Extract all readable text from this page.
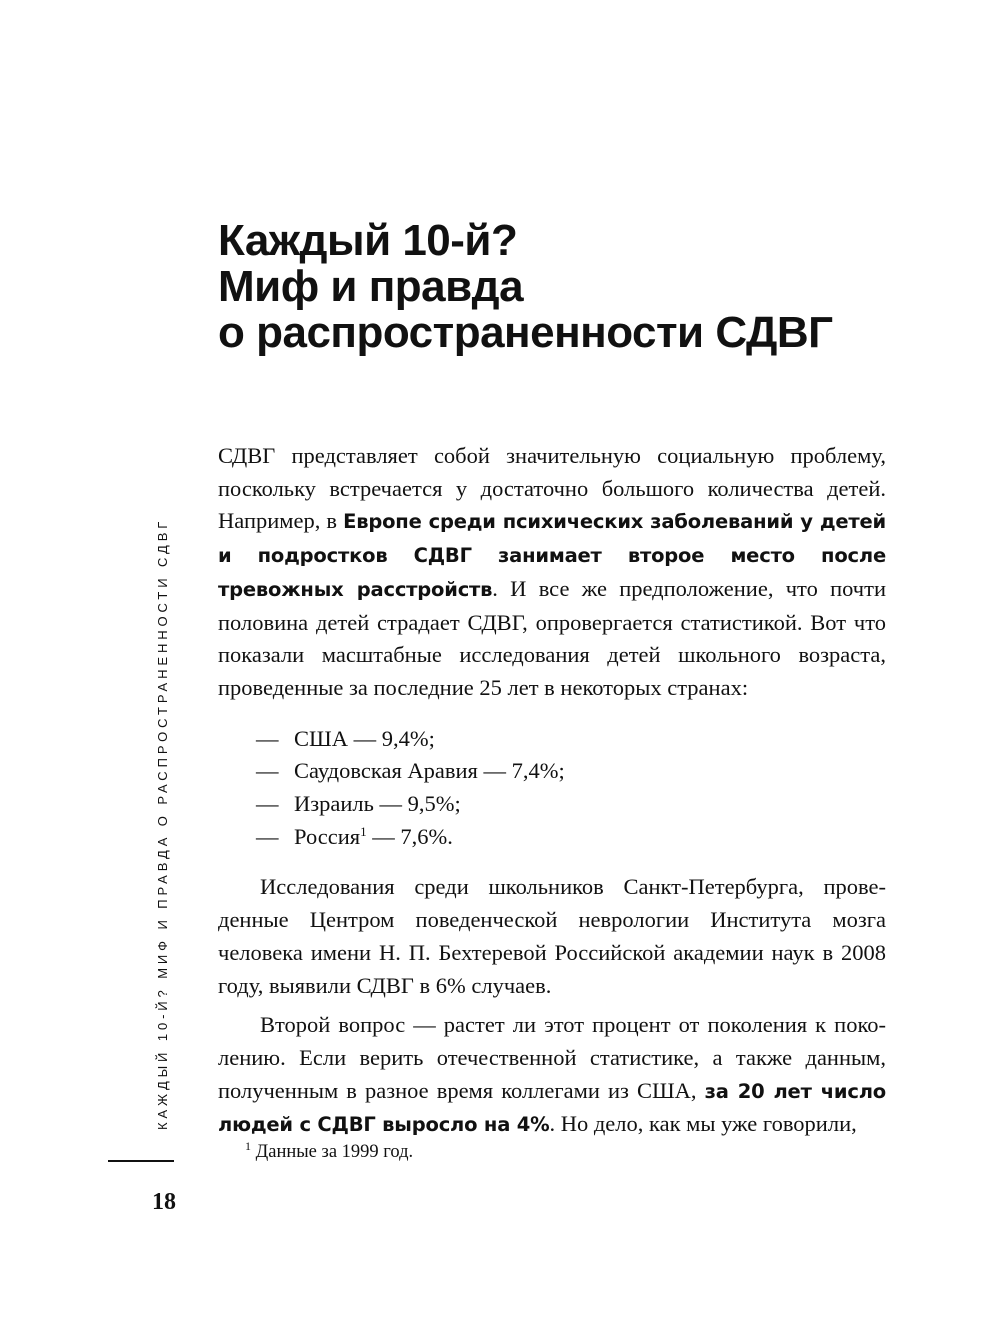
Каждый 10-й?
Миф и правда
о распространенности СДВГ

СДВГ представляет собой значительную социальную проблему, поскольку встречается у достаточно большого количества детей. Например, в Европе среди психических заболеваний у детей и подростков СДВГ занимает второе место после тревожных расстройств. И все же предположение, что почти половина детей страдает СДВГ, опровергается статистикой. Вот что показали масштабные исследования детей школьного возраста, проведенные за последние 25 лет в некоторых странах:

— США — 9,4%;
— Саудовская Аравия — 7,4%;
— Израиль — 9,5%;
— Россия$^1$ — 7,6%.

Исследования среди школьников Санкт-Петербурга, проведенные Центром поведенческой неврологии Института мозга человека имени Н. П. Бехтеревой Российской академии наук в 2008 году, выявили СДВГ в 6% случаев.

Второй вопрос — растет ли этот процент от поколения к поколению. Если верить отечественной статистике, а также данным, полученным в разное время коллегами из США, за 20 лет число людей с СДВГ выросло на 4%. Но дело, как мы уже говорили,

$^1$ Данные за 1999 год.
КАЖДЫЙ 10-Й? МИФ И ПРАВДА О РАСПРОСТРАНЕННОСТИ СДВГ
18
